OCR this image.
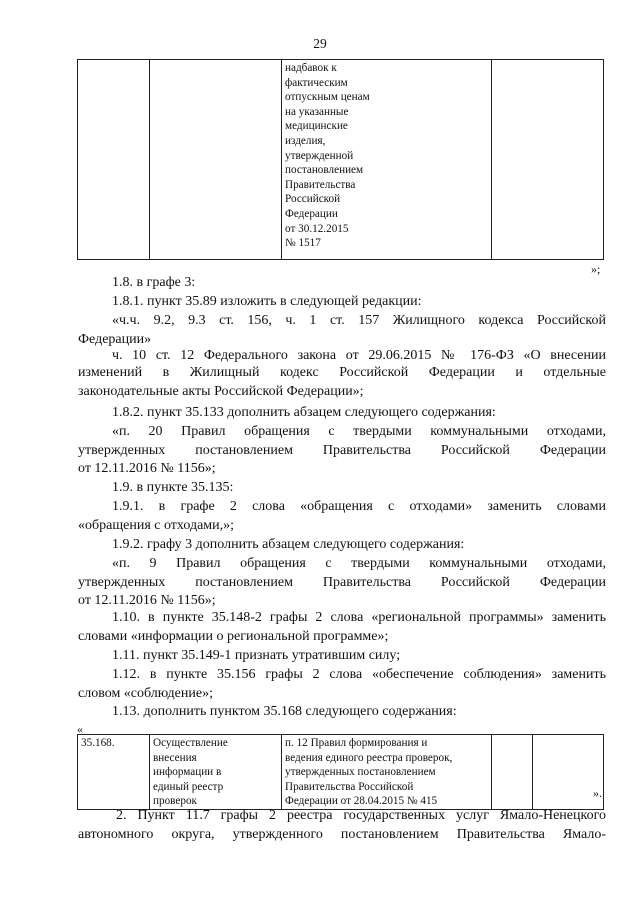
29

надбавок к
фактическим
отпускным ценам
на указанные
медицинские
изделия,
утвержденной
постановлением
Правительства
Российской
Федерации
от 30.12.2015
№ 1517

»;
1.8. в графе 3:
1.8.1. пункт 35.89 изложить в следующей редакции:
«ч.ч. 9.2, 9.3 ст. 156, ч. 1 ст. 157 Жилищного кодекса Российской
Федерации»
ч. 10 ст. 12 Федерального закона от 29.06.2015 № 176-ФЗ «О внесении
изменений в Жилищный кодекс Российской Федерации и отдельные
законодательные акты Российской Федерации»;
1.8.2. пункт 35.133 дополнить абзацем следующего содержания:
«п. 20 Правил обращения с твердыми коммунальными отходами,
утвержденных постановлением Правительства Российской Федерации
от 12.11.2016 № 1156»;
1.9. в пункте 35.135:
1.9.1. в графе 2 слова «обращения с отходами» заменить словами
«обращения с отходами,»;
1.9.2. графу 3 дополнить абзацем следующего содержания:
«п. 9 Правил обращения с твердыми коммунальными отходами,
утвержденных постановлением Правительства Российской Федерации
от 12.11.2016 № 1156»;
1.10. в пункте 35.148-2 графы 2 слова «региональной программы» заменить
словами «информации о региональной программе»;
1.11. пункт 35.149-1 признать утратившим силу;
1.12. в пункте 35.156 графы 2 слова «обеспечение соблюдения» заменить
словом «соблюдение»;
1.13. дополнить пунктом 35.168 следующего содержания:
«
35.168.	Осуществление
внесения
информации в
единый реестр
проверок

п. 12 Правил формирования и
ведения единого реестра проверок,
утвержденных постановлением
Правительства Российской
Федерации от 28.04.2015 № 415

».
2. Пункт 11.7 графы 2 реестра государственных услуг Ямало-Ненецкого
автономного округа, утвержденного постановлением Правительства Ямало-
